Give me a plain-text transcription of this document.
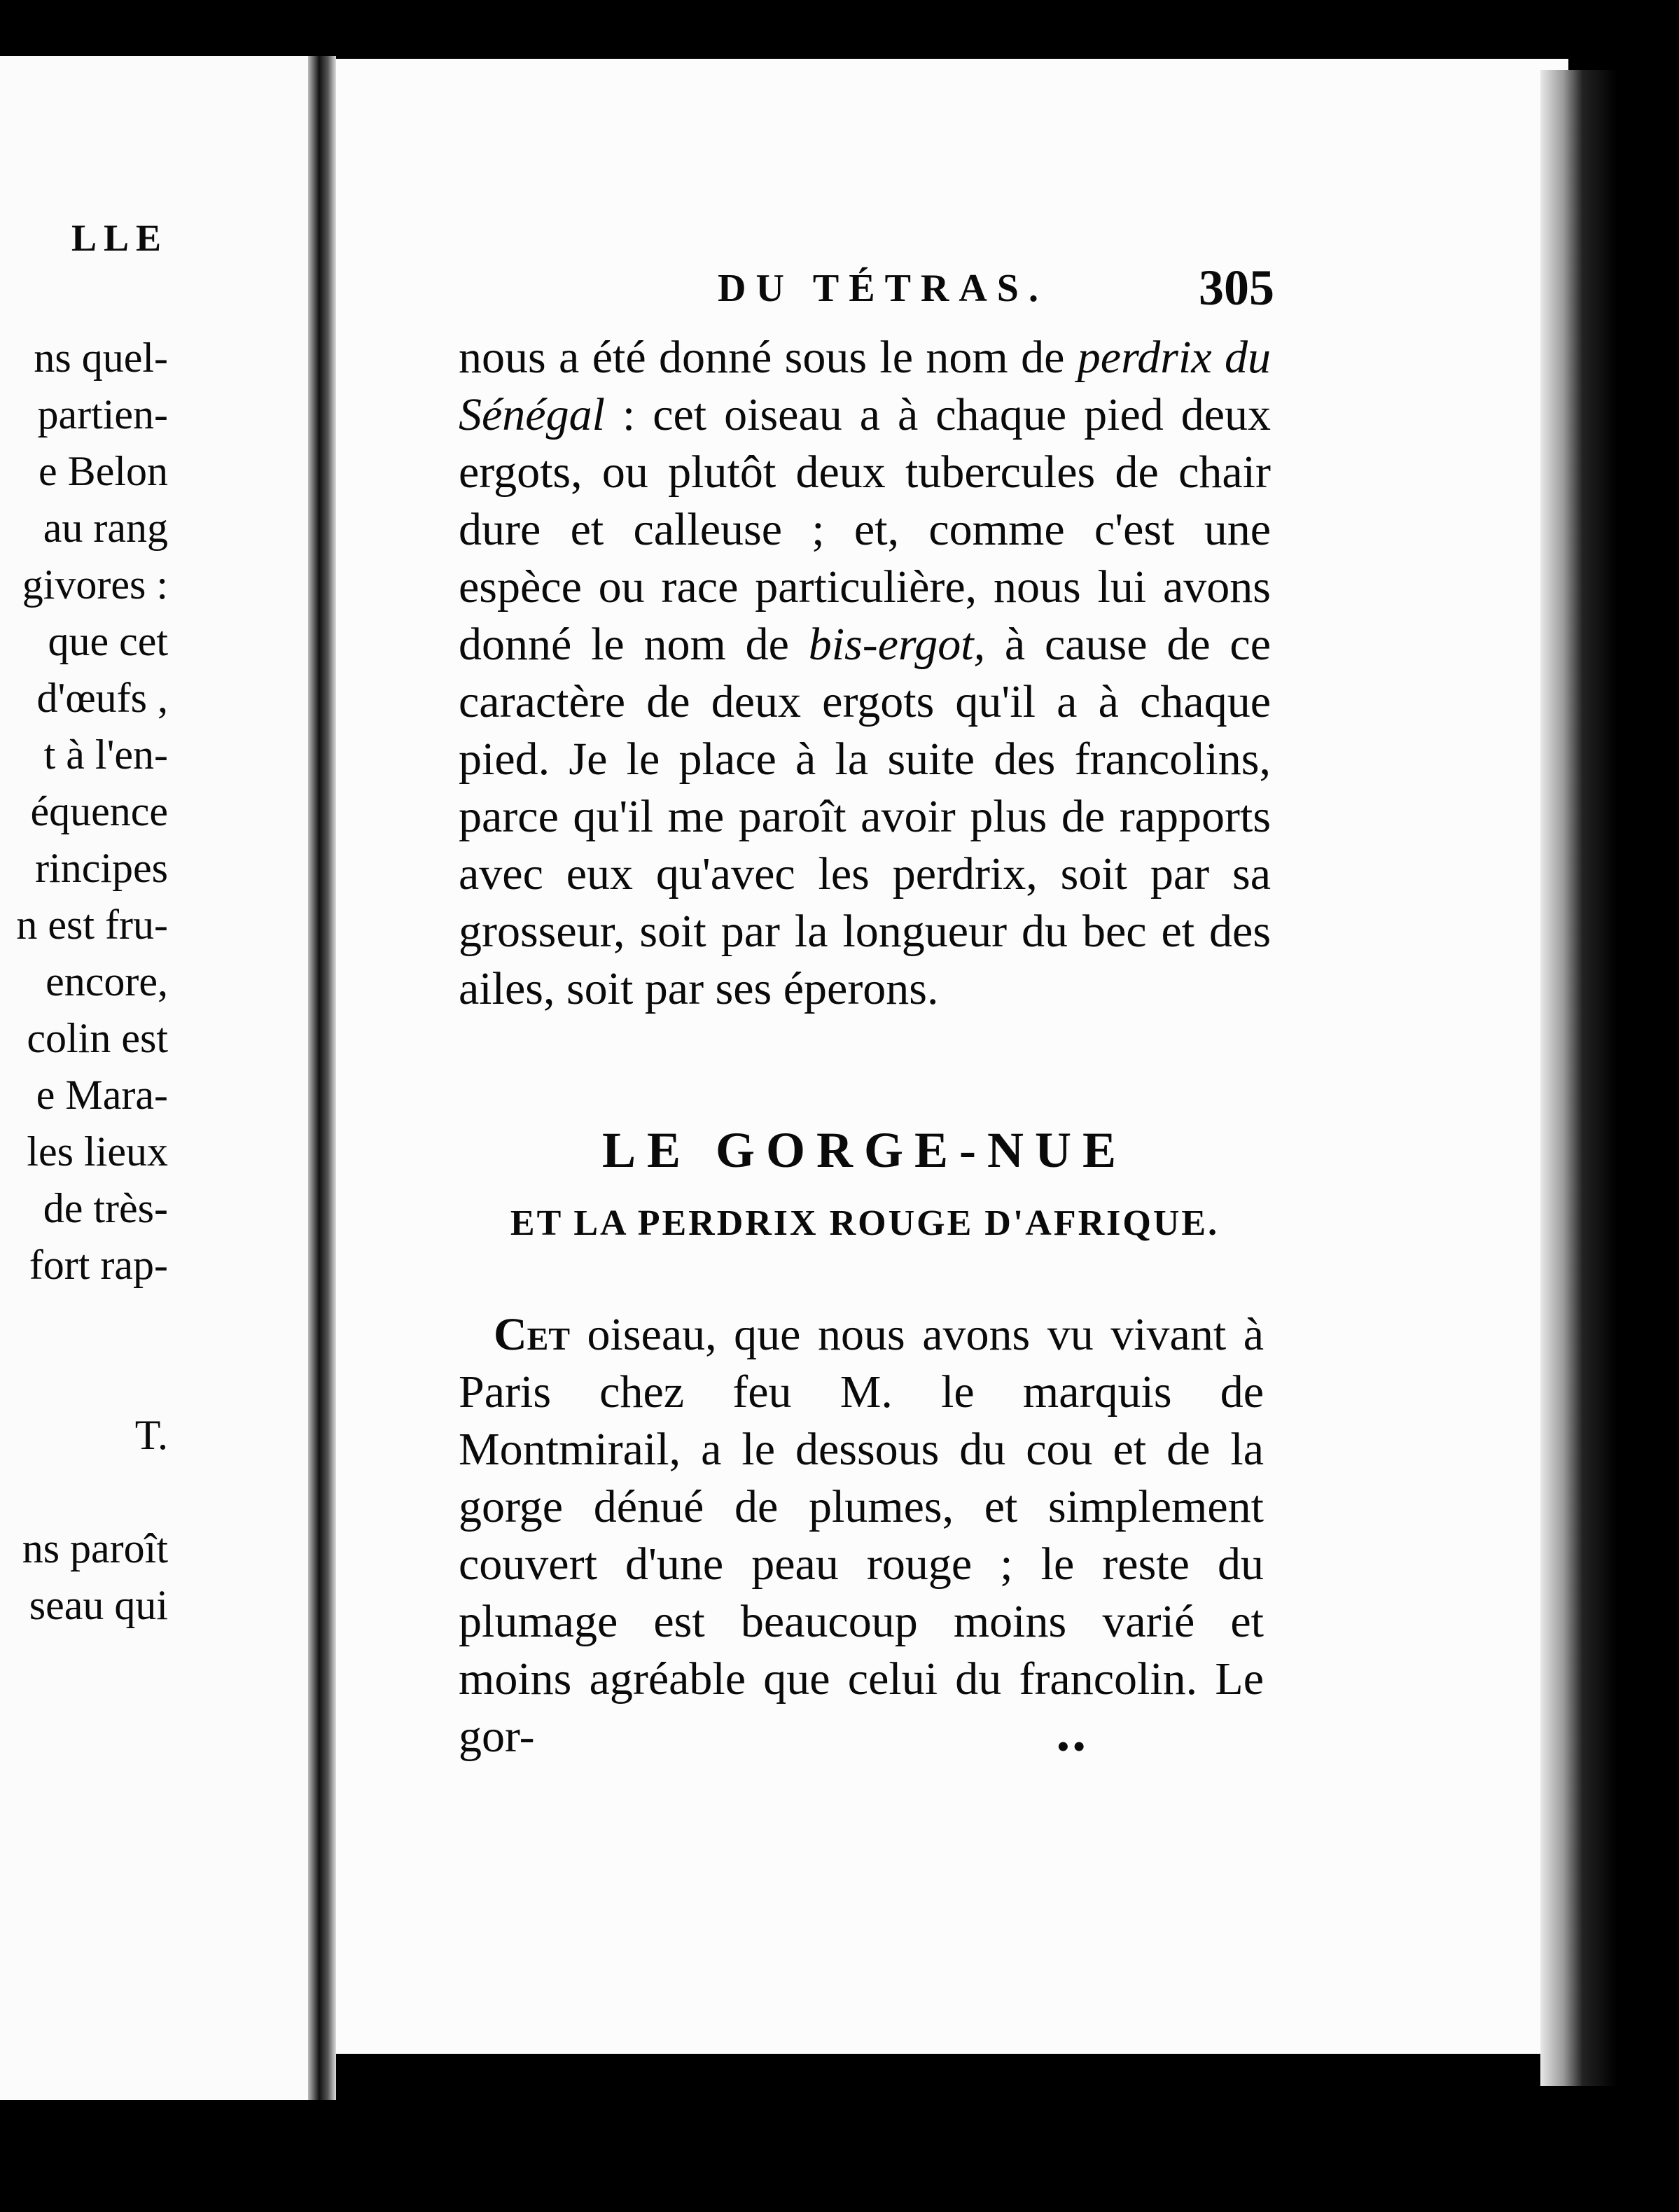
LLE
ns quel-
partien-
e Belon
au rang
givores :
que cet
d'œufs ,
t à l'en-
équence
rincipes
n est fru-
encore,
colin est
e Mara-
les lieux
de très-
fort rap-
T.
ns paroît
seau qui
DU TÉTRAS.	305

nous a été donné sous le nom de perdrix du Sénégal : cet oiseau a à chaque pied deux ergots, ou plutôt deux tubercules de chair dure et calleuse ; et, comme c'est une espèce ou race particulière, nous lui avons donné le nom de bis-ergot, à cause de ce caractère de deux ergots qu'il a à chaque pied. Je le place à la suite des francolins, parce qu'il me paroît avoir plus de rapports avec eux qu'avec les perdrix, soit par sa grosseur, soit par la longueur du bec et des ailes, soit par ses éperons.

LE GORGE-NUE
ET LA PERDRIX ROUGE D'AFRIQUE.

Cet oiseau, que nous avons vu vivant à Paris chez feu M. le marquis de Montmirail, a le dessous du cou et de la gorge dénué de plumes, et simplement couvert d'une peau rouge ; le reste du plumage est beaucoup moins varié et moins agréable que celui du francolin. Le gor-	••
